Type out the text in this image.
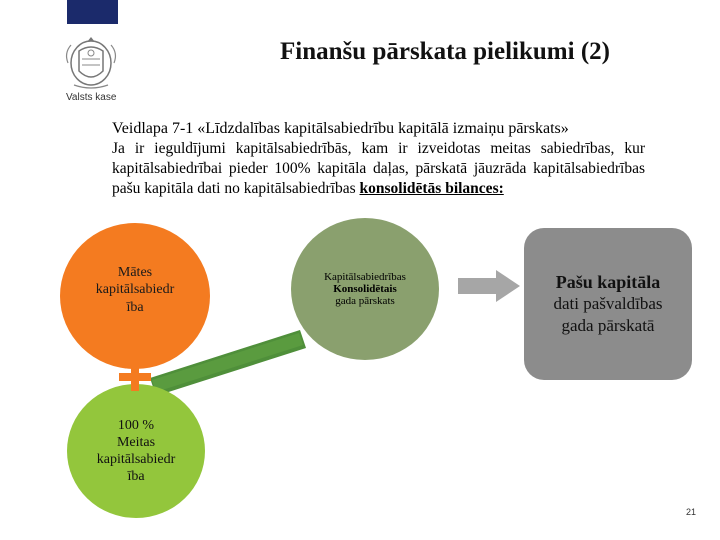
Valsts kase
Finanšu pārskata pielikumi (2)
Veidlapa 7-1 «Līdzdalības kapitālsabiedrību kapitālā izmaiņu pārskats»
Ja ir ieguldījumi kapitālsabiedrībās, kam ir izveidotas meitas sabiedrības, kur kapitālsabiedrībai pieder 100% kapitāla daļas, pārskatā jāuzrāda kapitālsabiedrības pašu kapitāla dati no kapitālsabiedrības konsolidētās bilances:
Mātes
kapitālsabiedr
ība
Kapitālsabiedrības
Konsolidētais
gada pārskats
100 %
Meitas
kapitālsabiedr
ība
Pašu kapitāla
dati pašvaldības
gada pārskatā
21
